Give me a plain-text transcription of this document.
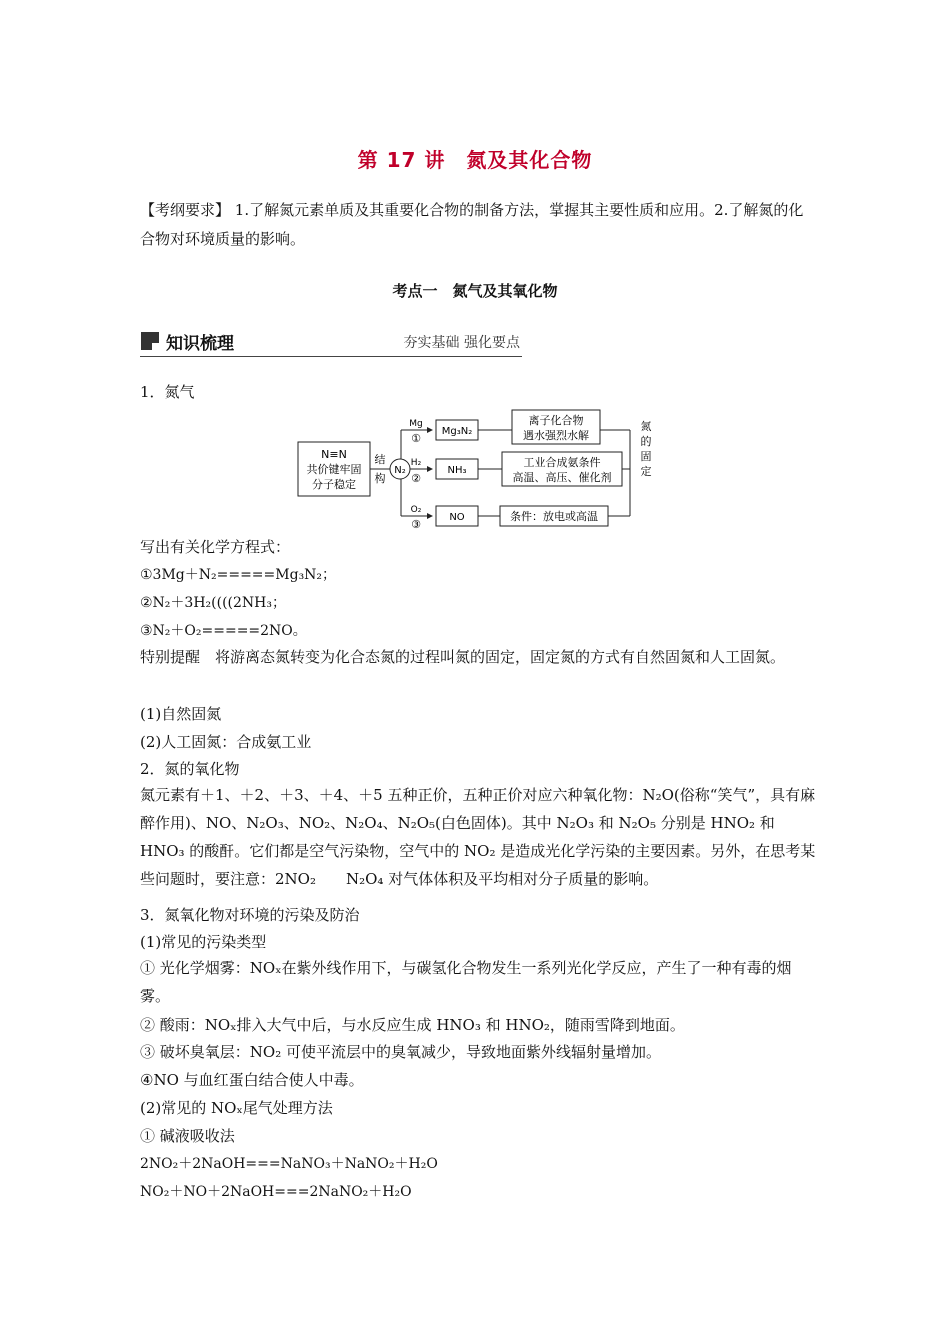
第 17 讲　氮及其化合物
【考纲要求】 1.了解氮元素单质及其重要化合物的制备方法，掌握其主要性质和应用。2.了解氮的化合物对环境质量的影响。
考点一　氮气及其氧化物
知识梳理	夯实基础 强化要点
1．氮气
N≡N
共价键牢固
分子稳定
结
构
N₂
Mg
①
H₂
②
O₂
③
Mg₃N₂
NH₃
NO
离子化合物
遇水强烈水解
工业合成氨条件
高温、高压、催化剂
条件：放电或高温
氮
的
固
定
写出有关化学方程式：
①3Mg＋N₂=====Mg₃N₂；
②N₂＋3H₂((((2NH₃；
③N₂＋O₂=====2NO。
特别提醒　将游离态氮转变为化合态氮的过程叫氮的固定，固定氮的方式有自然固氮和人工固氮。
(1)自然固氮
(2)人工固氮：合成氨工业
2．氮的氧化物
氮元素有＋1、＋2、＋3、＋4、＋5 五种正价，五种正价对应六种氧化物：N₂O(俗称“笑气”，具有麻醉作用)、NO、N₂O₃、NO₂、N₂O₄、N₂O₅(白色固体)。其中 N₂O₃ 和 N₂O₅ 分别是 HNO₂ 和 HNO₃ 的酸酐。它们都是空气污染物，空气中的 NO₂ 是造成光化学污染的主要因素。另外，在思考某些问题时，要注意：2NO₂　　N₂O₄ 对气体体积及平均相对分子质量的影响。
3．氮氧化物对环境的污染及防治
(1)常见的污染类型
① 光化学烟雾：NOₓ在紫外线作用下，与碳氢化合物发生一系列光化学反应，产生了一种有毒的烟雾。
② 酸雨：NOₓ排入大气中后，与水反应生成 HNO₃ 和 HNO₂，随雨雪降到地面。
③ 破坏臭氧层：NO₂ 可使平流层中的臭氧减少，导致地面紫外线辐射量增加。
④NO 与血红蛋白结合使人中毒。
(2)常见的 NOₓ尾气处理方法
① 碱液吸收法
2NO₂＋2NaOH===NaNO₃＋NaNO₂＋H₂O
NO₂＋NO＋2NaOH===2NaNO₂＋H₂O
